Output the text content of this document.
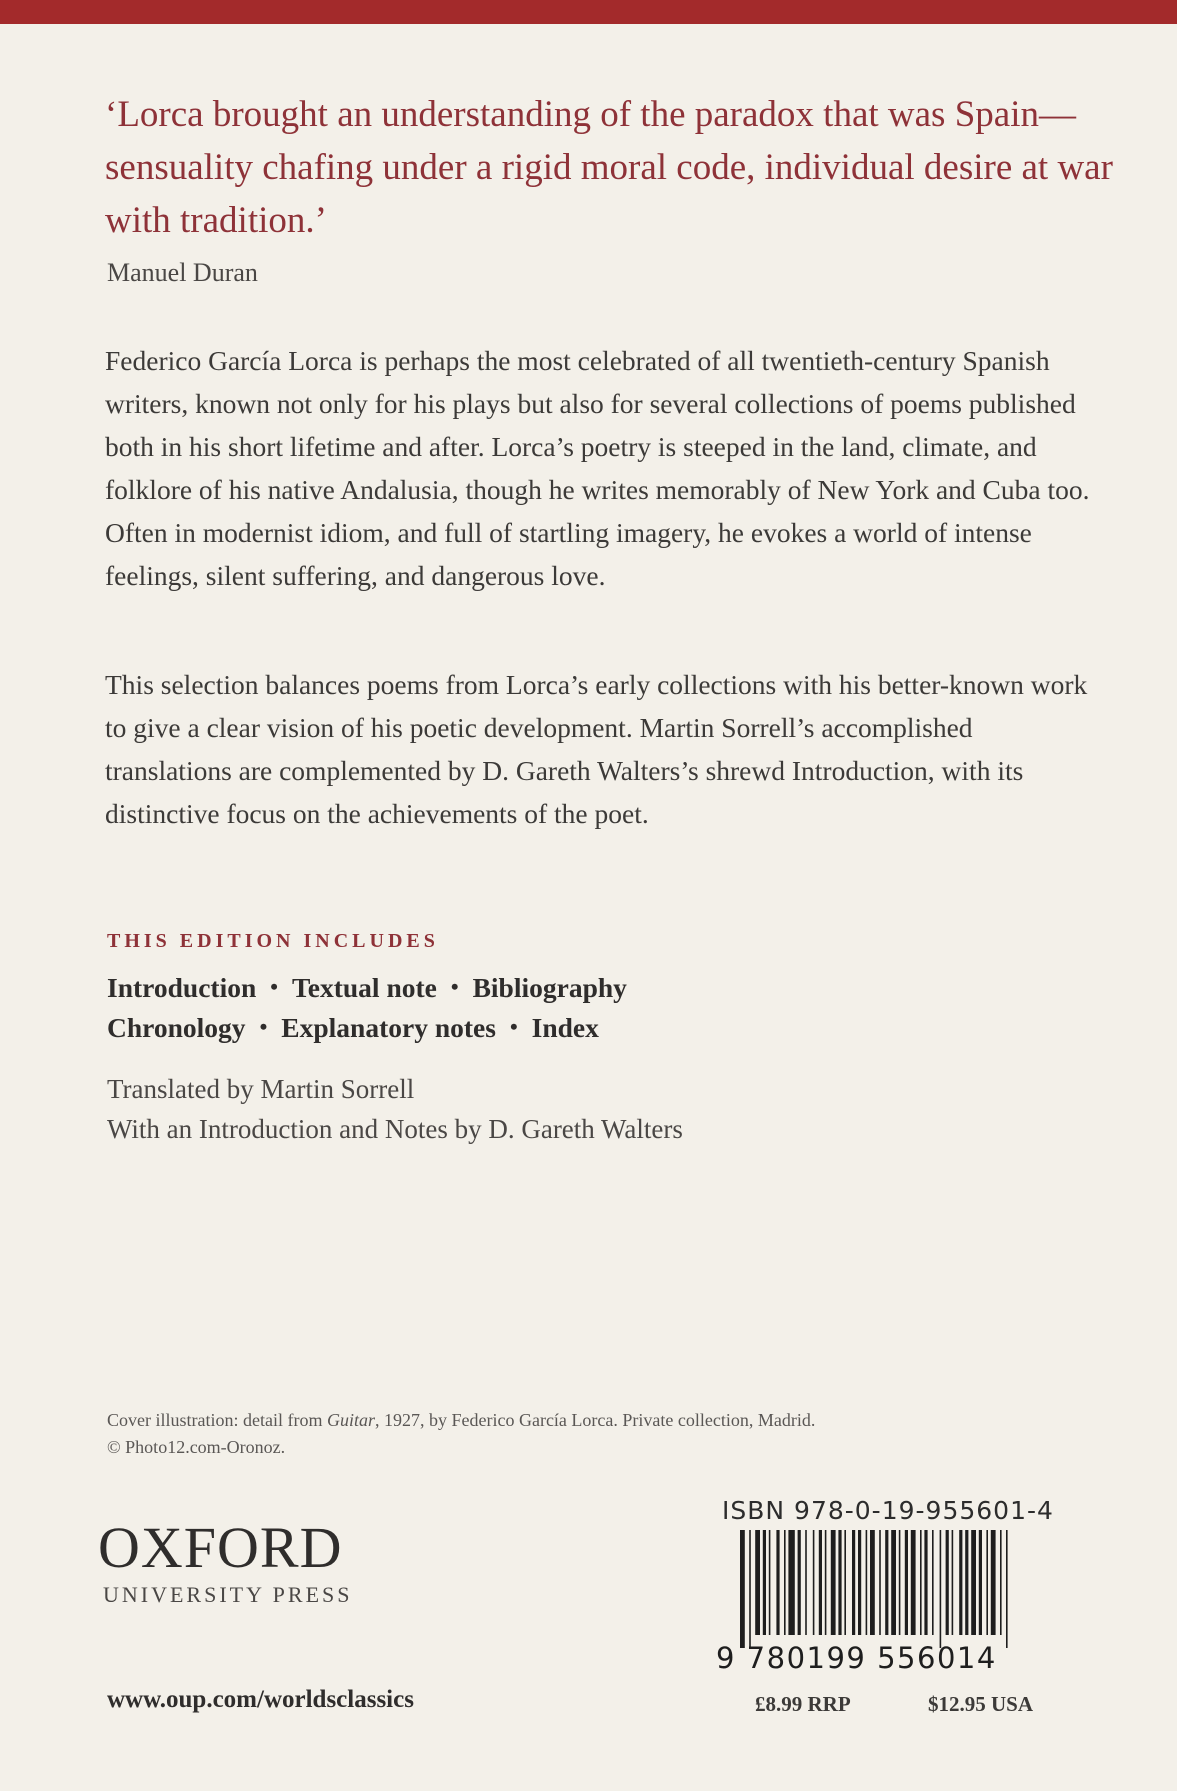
‘Lorca brought an understanding of the paradox that was Spain—sensuality chafing under a rigid moral code, individual desire at war with tradition.’
Manuel Duran

Federico García Lorca is perhaps the most celebrated of all twentieth-century Spanish writers, known not only for his plays but also for several collections of poems published both in his short lifetime and after. Lorca’s poetry is steeped in the land, climate, and folklore of his native Andalusia, though he writes memorably of New York and Cuba too. Often in modernist idiom, and full of startling imagery, he evokes a world of intense feelings, silent suffering, and dangerous love.

This selection balances poems from Lorca’s early collections with his better-known work to give a clear vision of his poetic development. Martin Sorrell’s accomplished translations are complemented by D. Gareth Walters’s shrewd Introduction, with its distinctive focus on the achievements of the poet.

THIS EDITION INCLUDES
Introduction • Textual note • Bibliography
Chronology • Explanatory notes • Index
Translated by Martin Sorrell
With an Introduction and Notes by D. Gareth Walters
Cover illustration: detail from Guitar, 1927, by Federico García Lorca. Private collection, Madrid.
© Photo12.com-Oronoz.
OXFORD
UNIVERSITY PRESS
www.oup.com/worldsclassics
ISBN 978-0-19-955601-4
9 780199 556014
£8.99 RRP	$12.95 USA
